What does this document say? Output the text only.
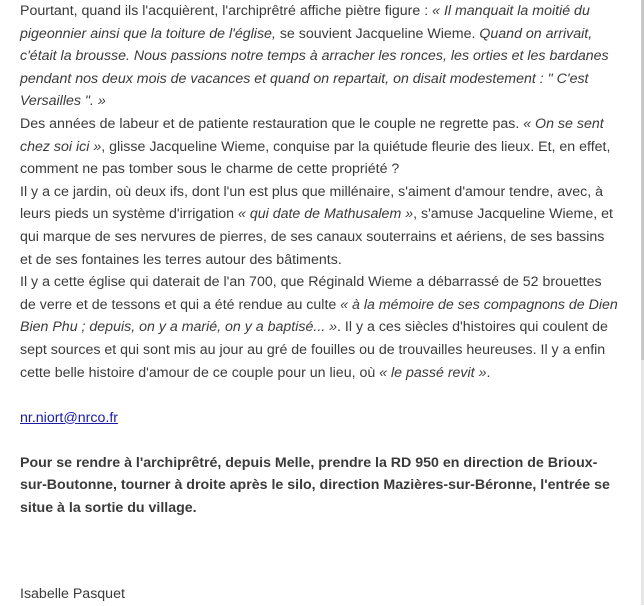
Pourtant, quand ils l'acquièrent, l'archiprêtré affiche piètre figure : « Il manquait la moitié du pigeonnier ainsi que la toiture de l'église, se souvient Jacqueline Wieme. Quand on arrivait, c'était la brousse. Nous passions notre temps à arracher les ronces, les orties et les bardanes pendant nos deux mois de vacances et quand on repartait, on disait modestement : " C'est Versailles ". »

Des années de labeur et de patiente restauration que le couple ne regrette pas. « On se sent chez soi ici », glisse Jacqueline Wieme, conquise par la quiétude fleurie des lieux. Et, en effet, comment ne pas tomber sous le charme de cette propriété ?

Il y a ce jardin, où deux ifs, dont l'un est plus que millénaire, s'aiment d'amour tendre, avec, à leurs pieds un système d'irrigation « qui date de Mathusalem », s'amuse Jacqueline Wieme, et qui marque de ses nervures de pierres, de ses canaux souterrains et aériens, de ses bassins et de ses fontaines les terres autour des bâtiments.

Il y a cette église qui daterait de l'an 700, que Réginald Wieme a débarrassé de 52 brouettes de verre et de tessons et qui a été rendue au culte « à la mémoire de ses compagnons de Dien Bien Phu ; depuis, on y a marié, on y a baptisé... ». Il y a ces siècles d'histoires qui coulent de sept sources et qui sont mis au jour au gré de fouilles ou de trouvailles heureuses. Il y a enfin cette belle histoire d'amour de ce couple pour un lieu, où « le passé revit ».

nr.niort@nrco.fr

Pour se rendre à l'archiprêtré, depuis Melle, prendre la RD 950 en direction de Brioux-sur-Boutonne, tourner à droite après le silo, direction Mazières-sur-Béronne, l'entrée se situe à la sortie du village.

Isabelle Pasquet
